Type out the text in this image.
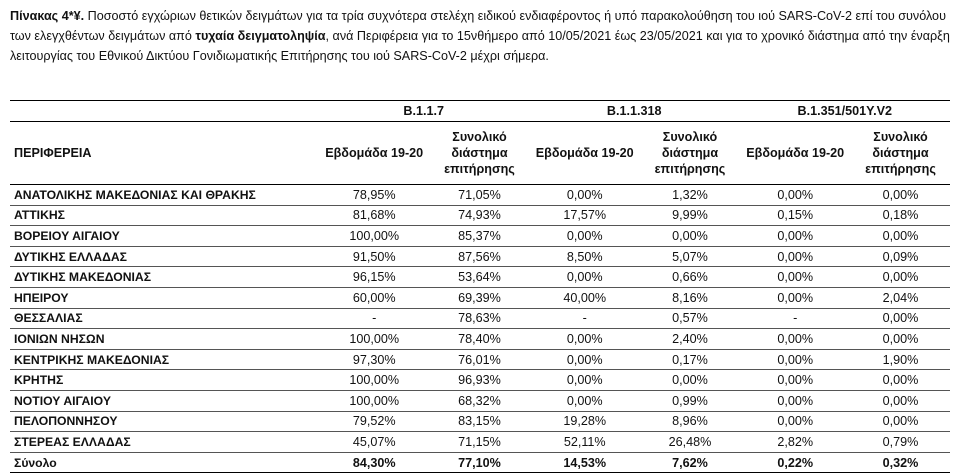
Πίνακας 4*¥. Ποσοστό εγχώριων θετικών δειγμάτων για τα τρία συχνότερα στελέχη ειδικού ενδιαφέροντος ή υπό παρακολούθηση του ιού SARS-CoV-2 επί του συνόλου των ελεγχθέντων δειγμάτων από τυχαία δειγματοληψία, ανά Περιφέρεια για το 15νθήμερο από 10/05/2021 έως 23/05/2021 και για το χρονικό διάστημα από την έναρξη λειτουργίας του Εθνικού Δικτύου Γονιδιωματικής Επιτήρησης του ιού SARS-CoV-2 μέχρι σήμερα.
	B.1.1.7		B.1.1.318		B.1.351/501Y.V2	
ΠΕΡΙΦΕΡΕΙΑ	Εβδομάδα 19-20	Συνολικό διάστημα επιτήρησης	Εβδομάδα 19-20	Συνολικό διάστημα επιτήρησης	Εβδομάδα 19-20	Συνολικό διάστημα επιτήρησης
ΑΝΑΤΟΛΙΚΗΣ ΜΑΚΕΔΟΝΙΑΣ ΚΑΙ ΘΡΑΚΗΣ	78,95%	71,05%	0,00%	1,32%	0,00%	0,00%
ΑΤΤΙΚΗΣ	81,68%	74,93%	17,57%	9,99%	0,15%	0,18%
ΒΟΡΕΙΟΥ ΑΙΓΑΙΟΥ	100,00%	85,37%	0,00%	0,00%	0,00%	0,00%
ΔΥΤΙΚΗΣ ΕΛΛΑΔΑΣ	91,50%	87,56%	8,50%	5,07%	0,00%	0,09%
ΔΥΤΙΚΗΣ ΜΑΚΕΔΟΝΙΑΣ	96,15%	53,64%	0,00%	0,66%	0,00%	0,00%
ΗΠΕΙΡΟΥ	60,00%	69,39%	40,00%	8,16%	0,00%	2,04%
ΘΕΣΣΑΛΙΑΣ	-	78,63%	-	0,57%	-	0,00%
ΙΟΝΙΩΝ ΝΗΣΩΝ	100,00%	78,40%	0,00%	2,40%	0,00%	0,00%
ΚΕΝΤΡΙΚΗΣ ΜΑΚΕΔΟΝΙΑΣ	97,30%	76,01%	0,00%	0,17%	0,00%	1,90%
ΚΡΗΤΗΣ	100,00%	96,93%	0,00%	0,00%	0,00%	0,00%
ΝΟΤΙΟΥ ΑΙΓΑΙΟΥ	100,00%	68,32%	0,00%	0,99%	0,00%	0,00%
ΠΕΛΟΠΟΝΝΗΣΟΥ	79,52%	83,15%	19,28%	8,96%	0,00%	0,00%
ΣΤΕΡΕΑΣ ΕΛΛΑΔΑΣ	45,07%	71,15%	52,11%	26,48%	2,82%	0,79%
Σύνολο	84,30%	77,10%	14,53%	7,62%	0,22%	0,32%
